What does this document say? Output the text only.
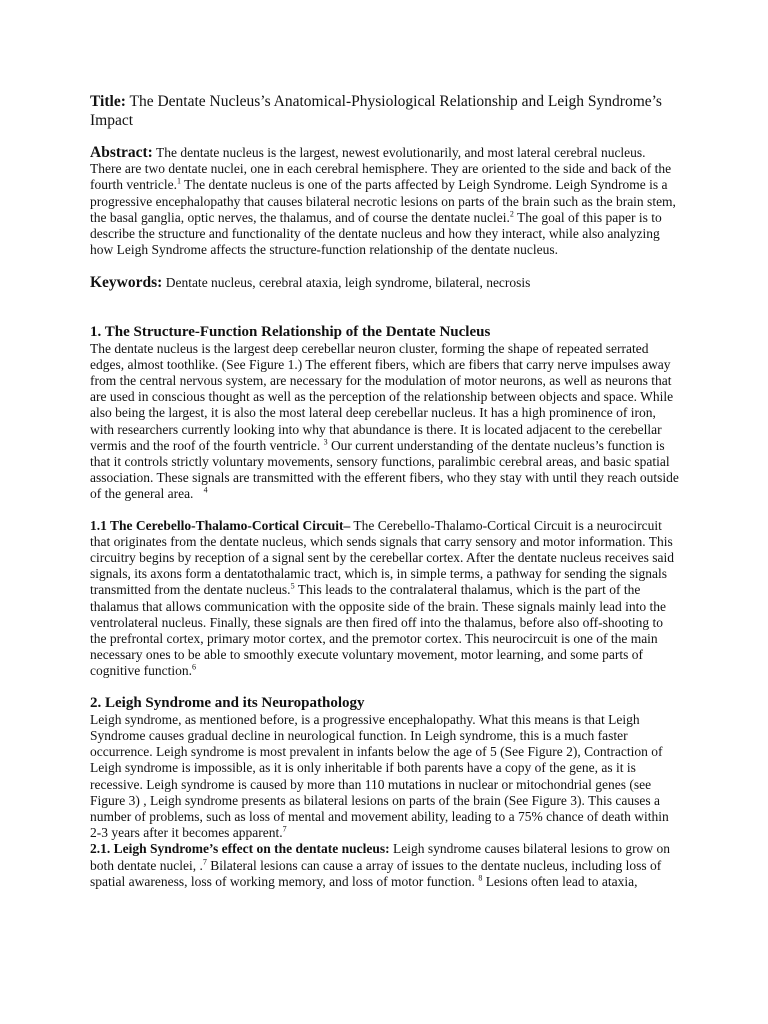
Title: The Dentate Nucleus’s Anatomical-Physiological Relationship and Leigh Syndrome’s Impact

Abstract: The dentate nucleus is the largest, newest evolutionarily, and most lateral cerebral nucleus. There are two dentate nuclei, one in each cerebral hemisphere. They are oriented to the side and back of the fourth ventricle.$^1$ The dentate nucleus is one of the parts affected by Leigh Syndrome. Leigh Syndrome is a progressive encephalopathy that causes bilateral necrotic lesions on parts of the brain such as the brain stem, the basal ganglia, optic nerves, the thalamus, and of course the dentate nuclei.$^2$ The goal of this paper is to describe the structure and functionality of the dentate nucleus and how they interact, while also analyzing how Leigh Syndrome affects the structure-function relationship of the dentate nucleus.

Keywords: Dentate nucleus, cerebral ataxia, leigh syndrome, bilateral, necrosis

1. The Structure-Function Relationship of the Dentate Nucleus

The dentate nucleus is the largest deep cerebellar neuron cluster, forming the shape of repeated serrated edges, almost toothlike. (See Figure 1.) The efferent fibers, which are fibers that carry nerve impulses away from the central nervous system, are necessary for the modulation of motor neurons, as well as neurons that are used in conscious thought as well as the perception of the relationship between objects and space. While also being the largest, it is also the most lateral deep cerebellar nucleus. It has a high prominence of iron, with researchers currently looking into why that abundance is there. It is located adjacent to the cerebellar vermis and the roof of the fourth ventricle. $^3$ Our current understanding of the dentate nucleus’s function is that it controls strictly voluntary movements, sensory functions, paralimbic cerebral areas, and basic spatial association. These signals are transmitted with the efferent fibers, who they stay with until they reach outside of the general area. $^4$

1.1 The Cerebello-Thalamo-Cortical Circuit– The Cerebello-Thalamo-Cortical Circuit is a neurocircuit that originates from the dentate nucleus, which sends signals that carry sensory and motor information. This circuitry begins by reception of a signal sent by the cerebellar cortex. After the dentate nucleus receives said signals, its axons form a dentatothalamic tract, which is, in simple terms, a pathway for sending the signals transmitted from the dentate nucleus.$^5$ This leads to the contralateral thalamus, which is the part of the thalamus that allows communication with the opposite side of the brain. These signals mainly lead into the ventrolateral nucleus. Finally, these signals are then fired off into the thalamus, before also off-shooting to the prefrontal cortex, primary motor cortex, and the premotor cortex. This neurocircuit is one of the main necessary ones to be able to smoothly execute voluntary movement, motor learning, and some parts of cognitive function.$^6$

2. Leigh Syndrome and its Neuropathology

Leigh syndrome, as mentioned before, is a progressive encephalopathy. What this means is that Leigh Syndrome causes gradual decline in neurological function. In Leigh syndrome, this is a much faster occurrence. Leigh syndrome is most prevalent in infants below the age of 5 (See Figure 2), Contraction of Leigh syndrome is impossible, as it is only inheritable if both parents have a copy of the gene, as it is recessive. Leigh syndrome is caused by more than 110 mutations in nuclear or mitochondrial genes (see Figure 3) , Leigh syndrome presents as bilateral lesions on parts of the brain (See Figure 3). This causes a number of problems, such as loss of mental and movement ability, leading to a 75% chance of death within 2-3 years after it becomes apparent.$^7$

2.1. Leigh Syndrome’s effect on the dentate nucleus: Leigh syndrome causes bilateral lesions to grow on both dentate nuclei, .$^7$ Bilateral lesions can cause a array of issues to the dentate nucleus, including loss of spatial awareness, loss of working memory, and loss of motor function. $^8$ Lesions often lead to ataxia,
